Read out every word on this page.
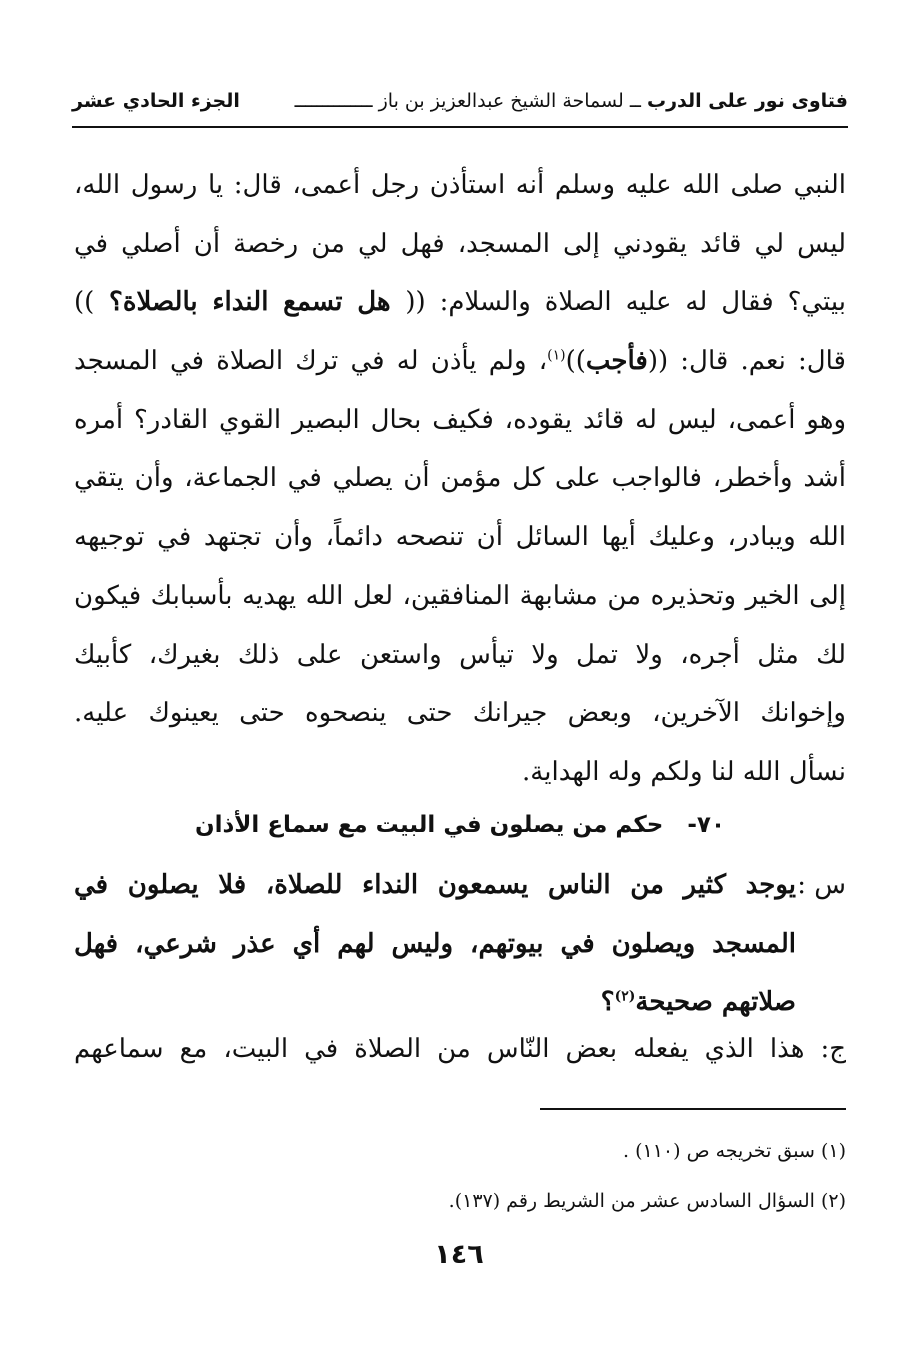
فتاوى نور على الدرب ــ لسماحة الشيخ عبدالعزيز بن باز ــــــــــــــ
الجزء الحادي عشر
النبي صلى الله عليه وسلم أنه استأذن رجل أعمى، قال: يا رسول الله،
ليس لي قائد يقودني إلى المسجد، فهل لي من رخصة أن أصلي في
بيتي؟ فقال له عليه الصلاة والسلام: (( هل تسمع النداء بالصلاة؟ ))
قال: نعم. قال: ((فأجب))$^{(١)}$، ولم يأذن له في ترك الصلاة في المسجد
وهو أعمى، ليس له قائد يقوده، فكيف بحال البصير القوي القادر؟ أمره
أشد وأخطر، فالواجب على كل مؤمن أن يصلي في الجماعة، وأن يتقي
الله ويبادر، وعليك أيها السائل أن تنصحه دائماً، وأن تجتهد في توجيهه
إلى الخير وتحذيره من مشابهة المنافقين، لعل الله يهديه بأسبابك فيكون
لك مثل أجره، ولا تمل ولا تيأس واستعن على ذلك بغيرك، كأبيك
وإخوانك الآخرين، وبعض جيرانك حتى ينصحوه حتى يعينوك عليه.
نسأل الله لنا ولكم وله الهداية.
٧٠-   حكم من يصلون في البيت مع سماع الأذان
س :
يوجد كثير من الناس يسمعون النداء للصلاة، فلا يصلون في
المسجد ويصلون في بيوتهم، وليس لهم أي عذر شرعي، فهل
صلاتهم صحيحة$^{(٢)}$؟
ج: هذا الذي يفعله بعض النّاس من الصلاة في البيت، مع سماعهم
(١) سبق تخريجه ص (١١٠) .
(٢) السؤال السادس عشر من الشريط رقم (١٣٧).
١٤٦
